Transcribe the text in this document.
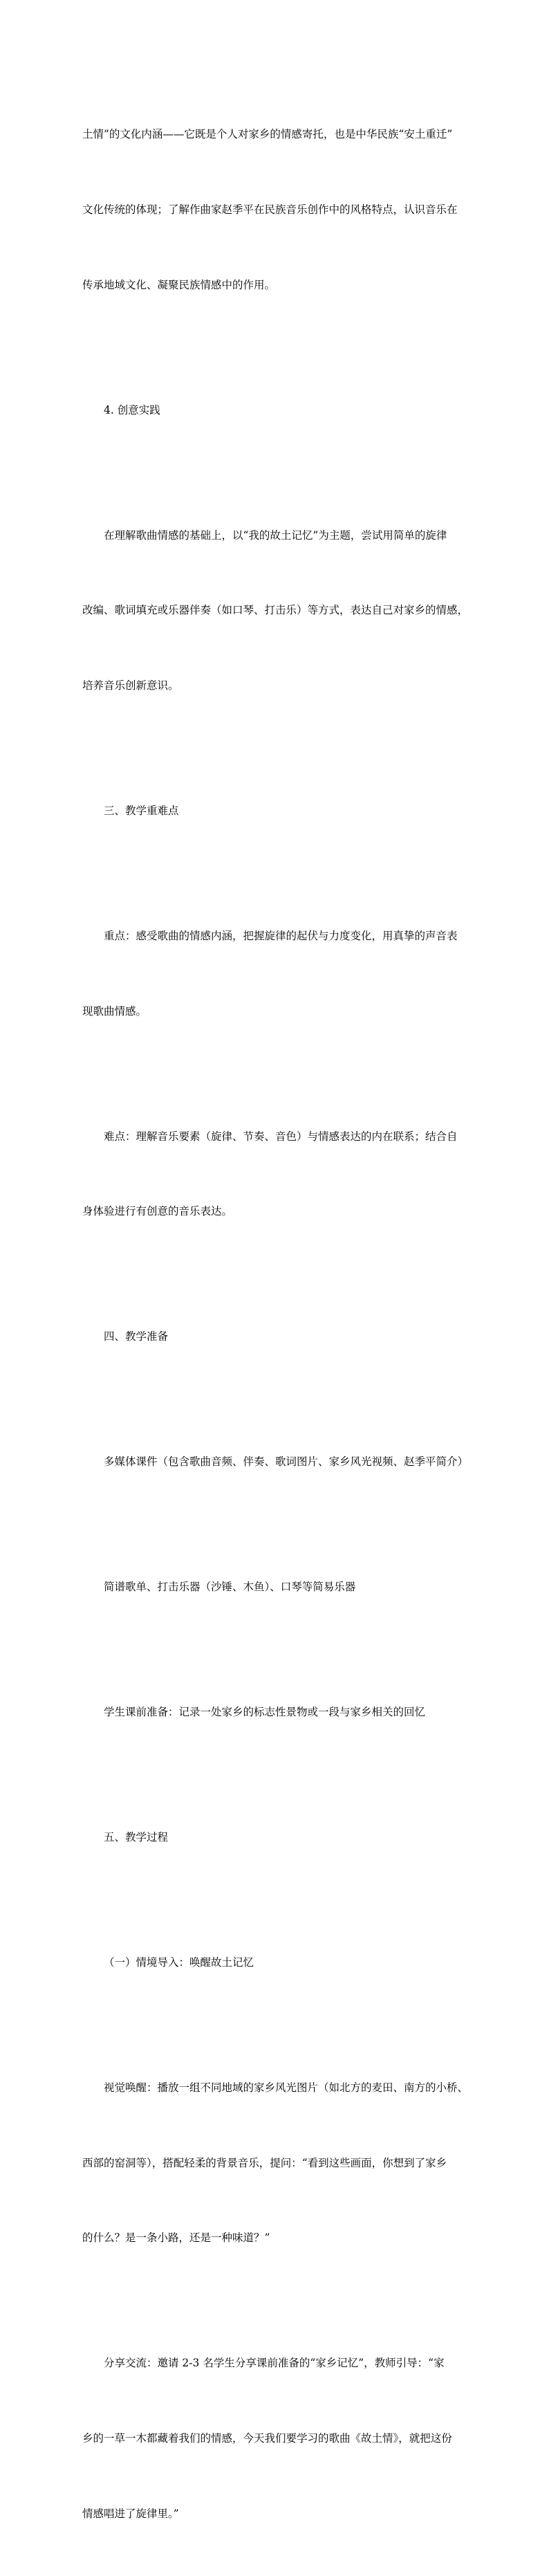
土情”的文化内涵——它既是个人对家乡的情感寄托，也是中华民族“安土重迁”

文化传统的体现；了解作曲家赵季平在民族音乐创作中的风格特点，认识音乐在

传承地域文化、凝聚民族情感中的作用。

4. 创意实践

在理解歌曲情感的基础上，以“我的故土记忆”为主题，尝试用简单的旋律

改编、歌词填充或乐器伴奏（如口琴、打击乐）等方式，表达自己对家乡的情感，

培养音乐创新意识。

三、教学重难点

重点：感受歌曲的情感内涵，把握旋律的起伏与力度变化，用真挚的声音表

现歌曲情感。

难点：理解音乐要素（旋律、节奏、音色）与情感表达的内在联系；结合自

身体验进行有创意的音乐表达。

四、教学准备

多媒体课件（包含歌曲音频、伴奏、歌词图片、家乡风光视频、赵季平简介）

简谱歌单、打击乐器（沙锤、木鱼）、口琴等简易乐器

学生课前准备：记录一处家乡的标志性景物或一段与家乡相关的回忆

五、教学过程

（一）情境导入：唤醒故土记忆

视觉唤醒：播放一组不同地域的家乡风光图片（如北方的麦田、南方的小桥、

西部的窑洞等），搭配轻柔的背景音乐，提问：“看到这些画面，你想到了家乡

的什么？是一条小路，还是一种味道？”

分享交流：邀请 2-3 名学生分享课前准备的“家乡记忆”，教师引导：“家

乡的一草一木都藏着我们的情感，今天我们要学习的歌曲《故土情》，就把这份

情感唱进了旋律里。”
